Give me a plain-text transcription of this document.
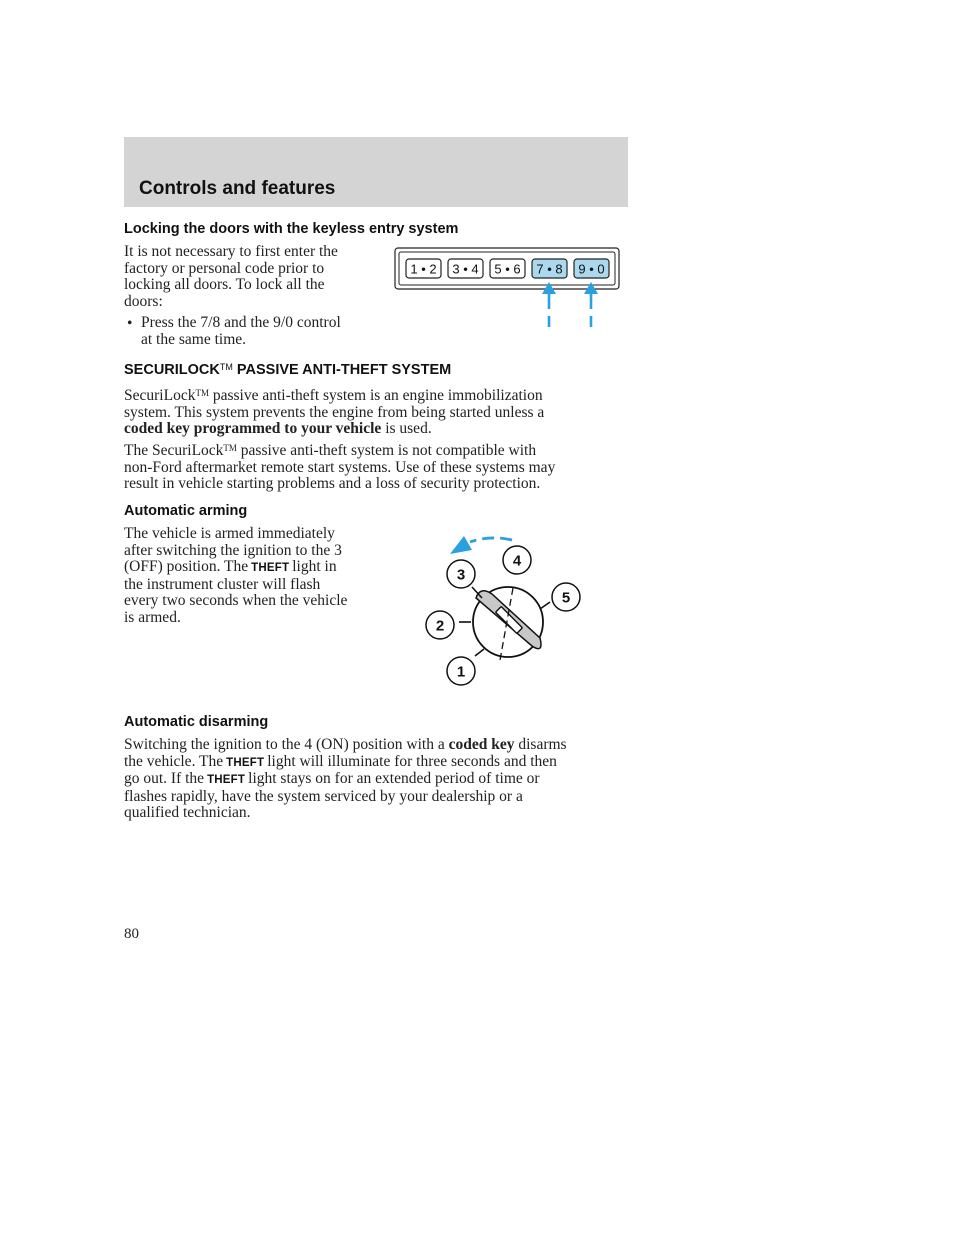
Controls and features
Locking the doors with the keyless entry system
It is not necessary to first enter the
factory or personal code prior to
locking all doors. To lock all the
doors:
• Press the 7/8 and the 9/0 control
at the same time.
1 • 2 3 • 4 5 • 6 7 • 8 9 • 0
SECURILOCK™ PASSIVE ANTI-THEFT SYSTEM
SecuriLock™ passive anti-theft system is an engine immobilization
system. This system prevents the engine from being started unless a
coded key programmed to your vehicle is used.
The SecuriLock™ passive anti-theft system is not compatible with
non-Ford aftermarket remote start systems. Use of these systems may
result in vehicle starting problems and a loss of security protection.
Automatic arming
The vehicle is armed immediately
after switching the ignition to the 3
(OFF) position. The THEFT light in
the instrument cluster will flash
every two seconds when the vehicle
is armed.
1
2
3
4
5
Automatic disarming
Switching the ignition to the 4 (ON) position with a coded key disarms
the vehicle. The THEFT light will illuminate for three seconds and then
go out. If the THEFT light stays on for an extended period of time or
flashes rapidly, have the system serviced by your dealership or a
qualified technician.
80
